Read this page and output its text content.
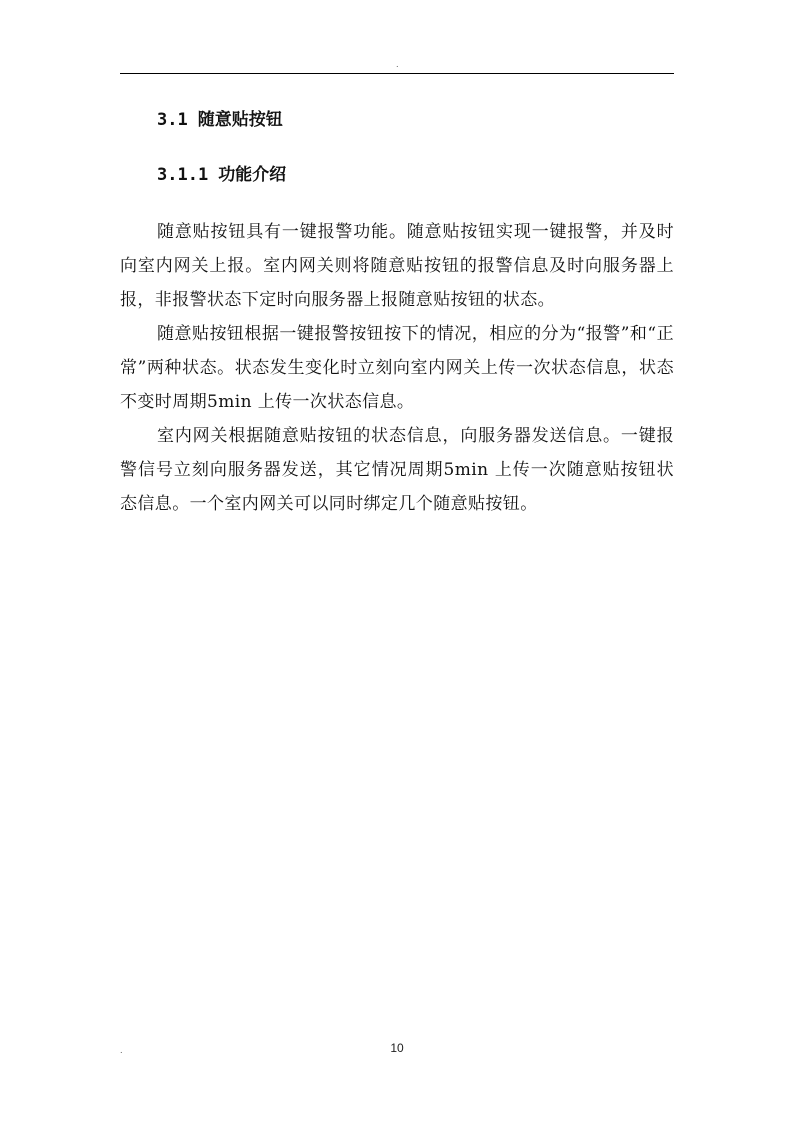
.
3.1 随意贴按钮
3.1.1 功能介绍

随意贴按钮具有一键报警功能。随意贴按钮实现一键报警，并及时向室内网关上报。室内网关则将随意贴按钮的报警信息及时向服务器上报，非报警状态下定时向服务器上报随意贴按钮的状态。

随意贴按钮根据一键报警按钮按下的情况，相应的分为“报警”和“正常”两种状态。状态发生变化时立刻向室内网关上传一次状态信息，状态不变时周期5min 上传一次状态信息。

室内网关根据随意贴按钮的状态信息，向服务器发送信息。一键报警信号立刻向服务器发送，其它情况周期5min 上传一次随意贴按钮状态信息。一个室内网关可以同时绑定几个随意贴按钮。

.	10
